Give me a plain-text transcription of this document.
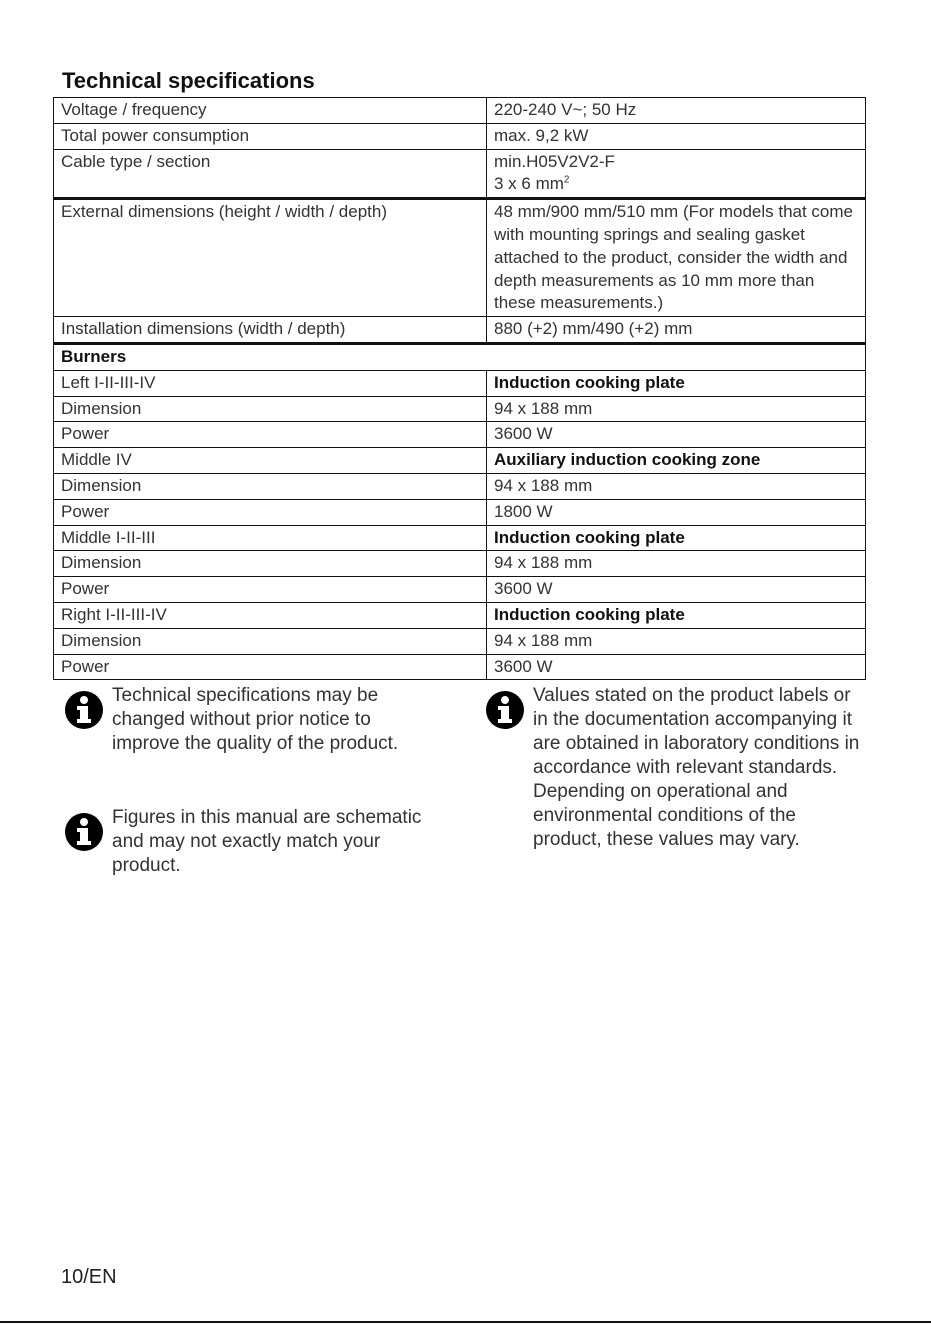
Technical specifications
Voltage / frequency	220-240 V~; 50 Hz
Total power consumption	max. 9,2 kW
Cable type / section	min.H05V2V2-F
3 x 6 $mm^2$
External dimensions (height / width / depth)	48 mm/900 mm/510 mm (For models that come with mounting springs and sealing gasket attached to the product, consider the width and depth measurements as 10 mm more than these measurements.)
Installation dimensions (width / depth)	880 (+2) mm/490 (+2) mm
Burners	
Left I-II-III-IV	Induction cooking plate
Dimension	94 x 188 mm
Power	3600 W
Middle IV	Auxiliary induction cooking zone
Dimension	94 x 188 mm
Power	1800 W
Middle I-II-III	Induction cooking plate
Dimension	94 x 188 mm
Power	3600 W
Right I-II-III-IV	Induction cooking plate
Dimension	94 x 188 mm
Power	3600 W
Technical specifications may be changed without prior notice to improve the quality of the product.
Figures in this manual are schematic and may not exactly match your product.
Values stated on the product labels or in the documentation accompanying it are obtained in laboratory conditions in accordance with relevant standards. Depending on operational and environmental conditions of the product, these values may vary.
10/EN
